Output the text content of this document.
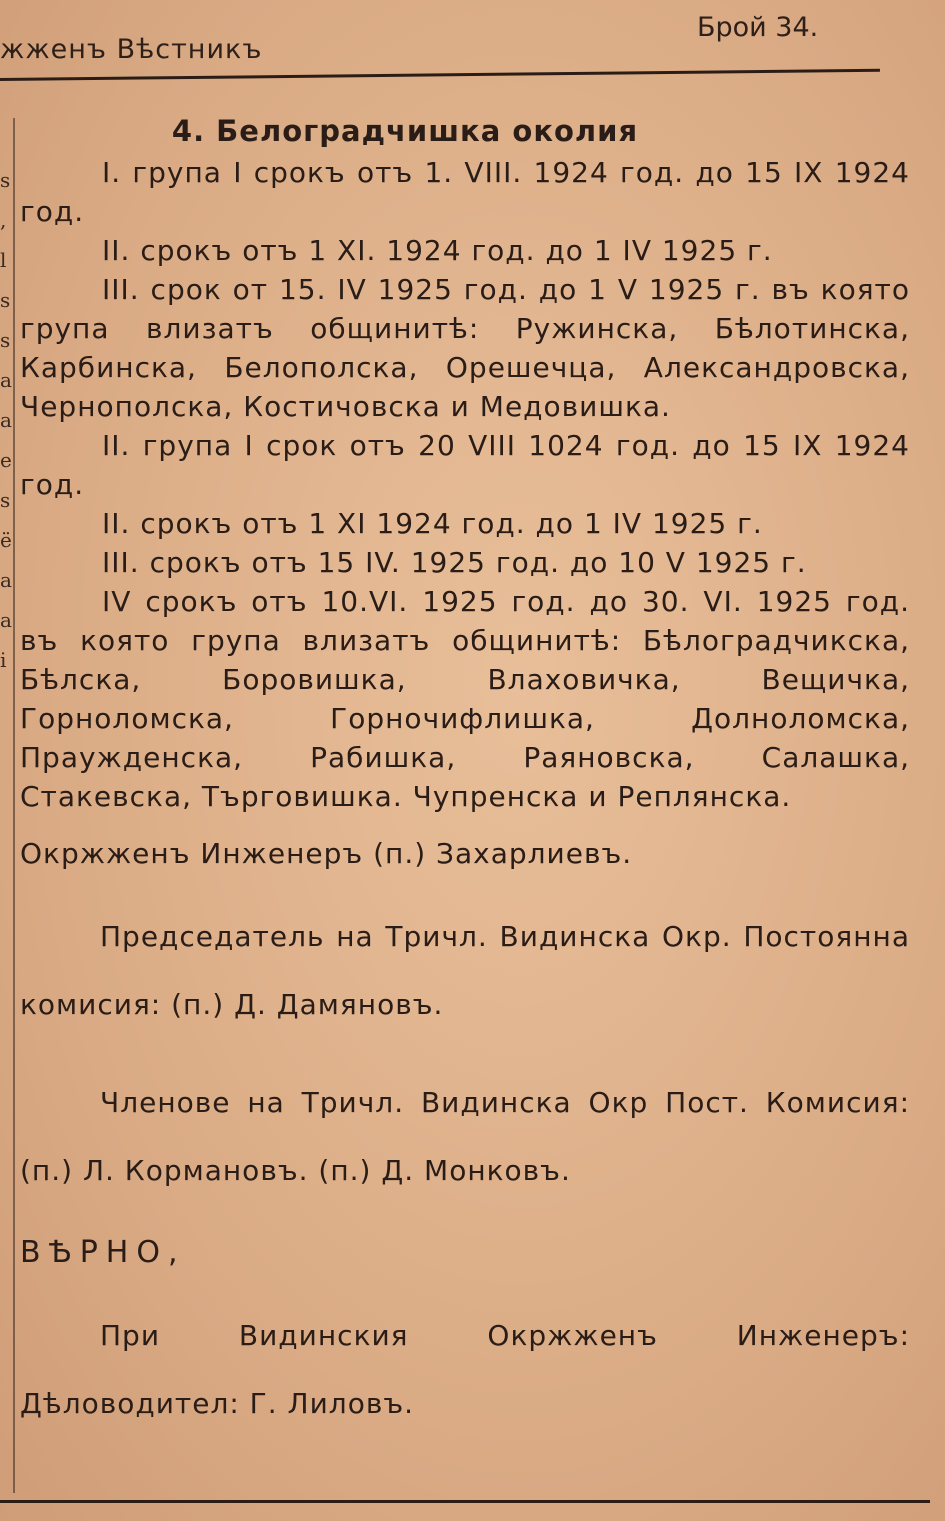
жженъ Вѣстникъ
Брой 34.
s
,
l
s
s
a
a
e
s
ё
a
a
i
4. Белоградчишка околия

I. група I срокъ отъ 1. VIII. 1924 год. до 15 IX 1924 год.

II. срокъ отъ 1 XI. 1924 год. до 1 IV 1925 г.

III. срок от 15. IV 1925 год. до 1 V 1925 г. въ която група влизатъ общинитѣ: Ружинска, Бѣлотинска, Карбинска, Белополска, Орешечца, Александровска, Чернополска, Костичовска и Медовишка.

II. група I срок отъ 20 VIII 1024 год. до 15 IX 1924 год.

II. срокъ отъ 1 XI 1924 год. до 1 IV 1925 г.

III. срокъ отъ 15 IV. 1925 год. до 10 V 1925 г.

IV срокъ отъ 10.VI. 1925 год. до 30. VI. 1925 год. въ която група влизатъ общинитѣ: Бѣлоградчикска, Бѣлска, Боровишка, Влаховичка, Вещичка, Горноломска, Горночифлишка, Долноломска, Праужденска, Рабишка, Раяновска, Салашка, Стакевска, Търговишка. Чупренска и Реплянска.

Окржженъ Инженеръ (п.) Захарлиевъ.

Председатель на Тричл. Видинска Окр. Постоянна комисия: (п.) Д. Дамяновъ.

Членове на Тричл. Видинска Окр Пост. Комисия: (п.) Л. Кормановъ. (п.) Д. Монковъ.

ВѢРНО,

При Видинския Окржженъ Инженеръ: Дѣловодител: Г. Лиловъ.
